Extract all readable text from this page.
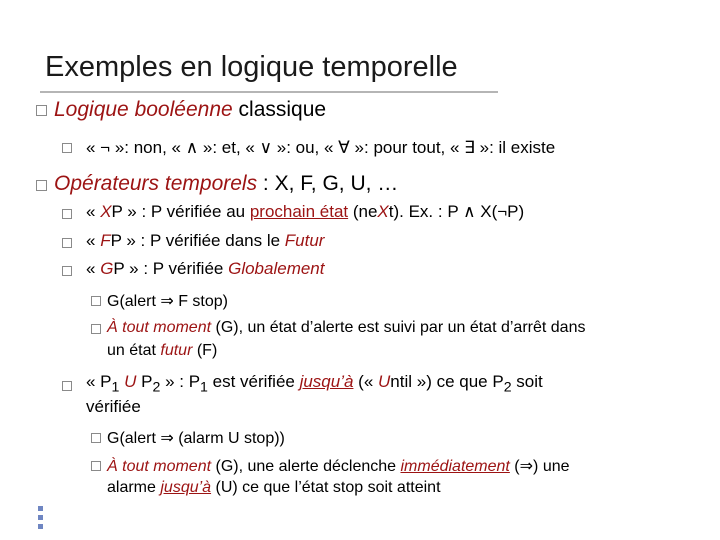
Exemples en logique temporelle
Logique booléenne classique
« ¬ »: non, « ∧ »: et, « ∨ »: ou, « ∀ »: pour tout, « ∃ »: il existe
Opérateurs temporels : X, F, G, U, …
« XP » : P vérifiée au prochain état (neXt). Ex. : P ∧ X(¬P)
« FP » : P vérifiée dans le Futur
« GP » : P vérifiée Globalement
G(alert ⇒ F stop)
À tout moment (G), un état d’alerte est suivi par un état d’arrêt dans
un état futur (F)
« $P_1$ U $P_2$ » : $P_1$ est vérifiée jusqu’à (« Until ») ce que $P_2$ soit
vérifiée
G(alert ⇒ (alarm U stop))
À tout moment (G), une alerte déclenche immédiatement (⇒) une
alarme jusqu’à (U) ce que l’état stop soit atteint
